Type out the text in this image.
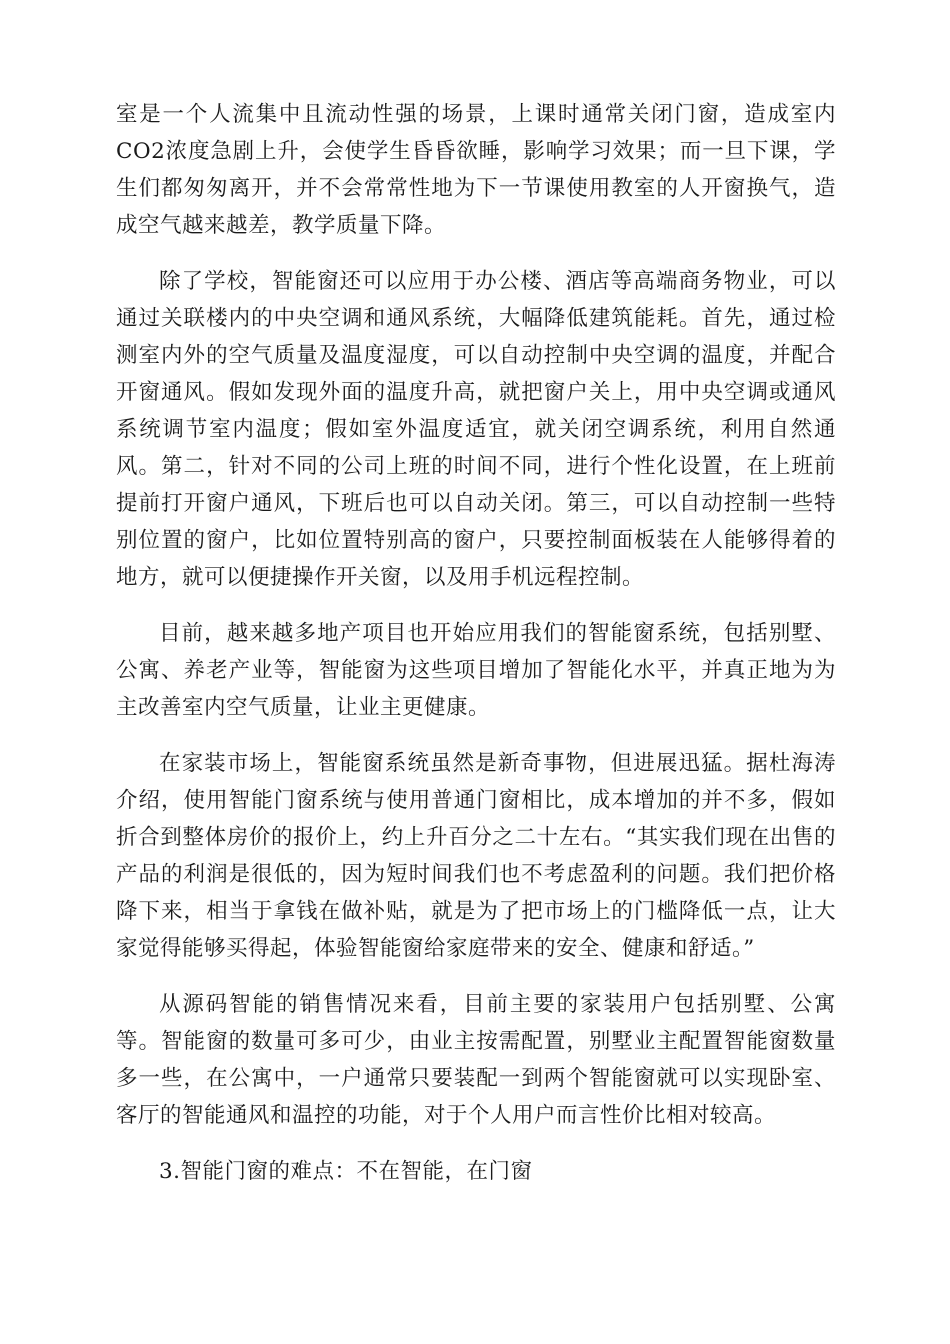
室是一个人流集中且流动性强的场景，上课时通常关闭门窗，造成室内CO2浓度急剧上升，会使学生昏昏欲睡，影响学习效果；而一旦下课，学生们都匆匆离开，并不会常常性地为下一节课使用教室的人开窗换气，造成空气越来越差，教学质量下降。

除了学校，智能窗还可以应用于办公楼、酒店等高端商务物业，可以通过关联楼内的中央空调和通风系统，大幅降低建筑能耗。首先，通过检测室内外的空气质量及温度湿度，可以自动控制中央空调的温度，并配合开窗通风。假如发现外面的温度升高，就把窗户关上，用中央空调或通风系统调节室内温度；假如室外温度适宜，就关闭空调系统，利用自然通风。第二，针对不同的公司上班的时间不同，进行个性化设置，在上班前提前打开窗户通风，下班后也可以自动关闭。第三，可以自动控制一些特别位置的窗户，比如位置特别高的窗户，只要控制面板装在人能够得着的地方，就可以便捷操作开关窗，以及用手机远程控制。

目前，越来越多地产项目也开始应用我们的智能窗系统，包括别墅、公寓、养老产业等，智能窗为这些项目增加了智能化水平，并真正地为为主改善室内空气质量，让业主更健康。

在家装市场上，智能窗系统虽然是新奇事物，但进展迅猛。据杜海涛介绍，使用智能门窗系统与使用普通门窗相比，成本增加的并不多，假如折合到整体房价的报价上，约上升百分之二十左右。“其实我们现在出售的产品的利润是很低的，因为短时间我们也不考虑盈利的问题。我们把价格降下来，相当于拿钱在做补贴，就是为了把市场上的门槛降低一点，让大家觉得能够买得起，体验智能窗给家庭带来的安全、健康和舒适。”

从源码智能的销售情况来看，目前主要的家装用户包括别墅、公寓等。智能窗的数量可多可少，由业主按需配置，别墅业主配置智能窗数量多一些，在公寓中，一户通常只要装配一到两个智能窗就可以实现卧室、客厅的智能通风和温控的功能，对于个人用户而言性价比相对较高。

3.智能门窗的难点：不在智能，在门窗
